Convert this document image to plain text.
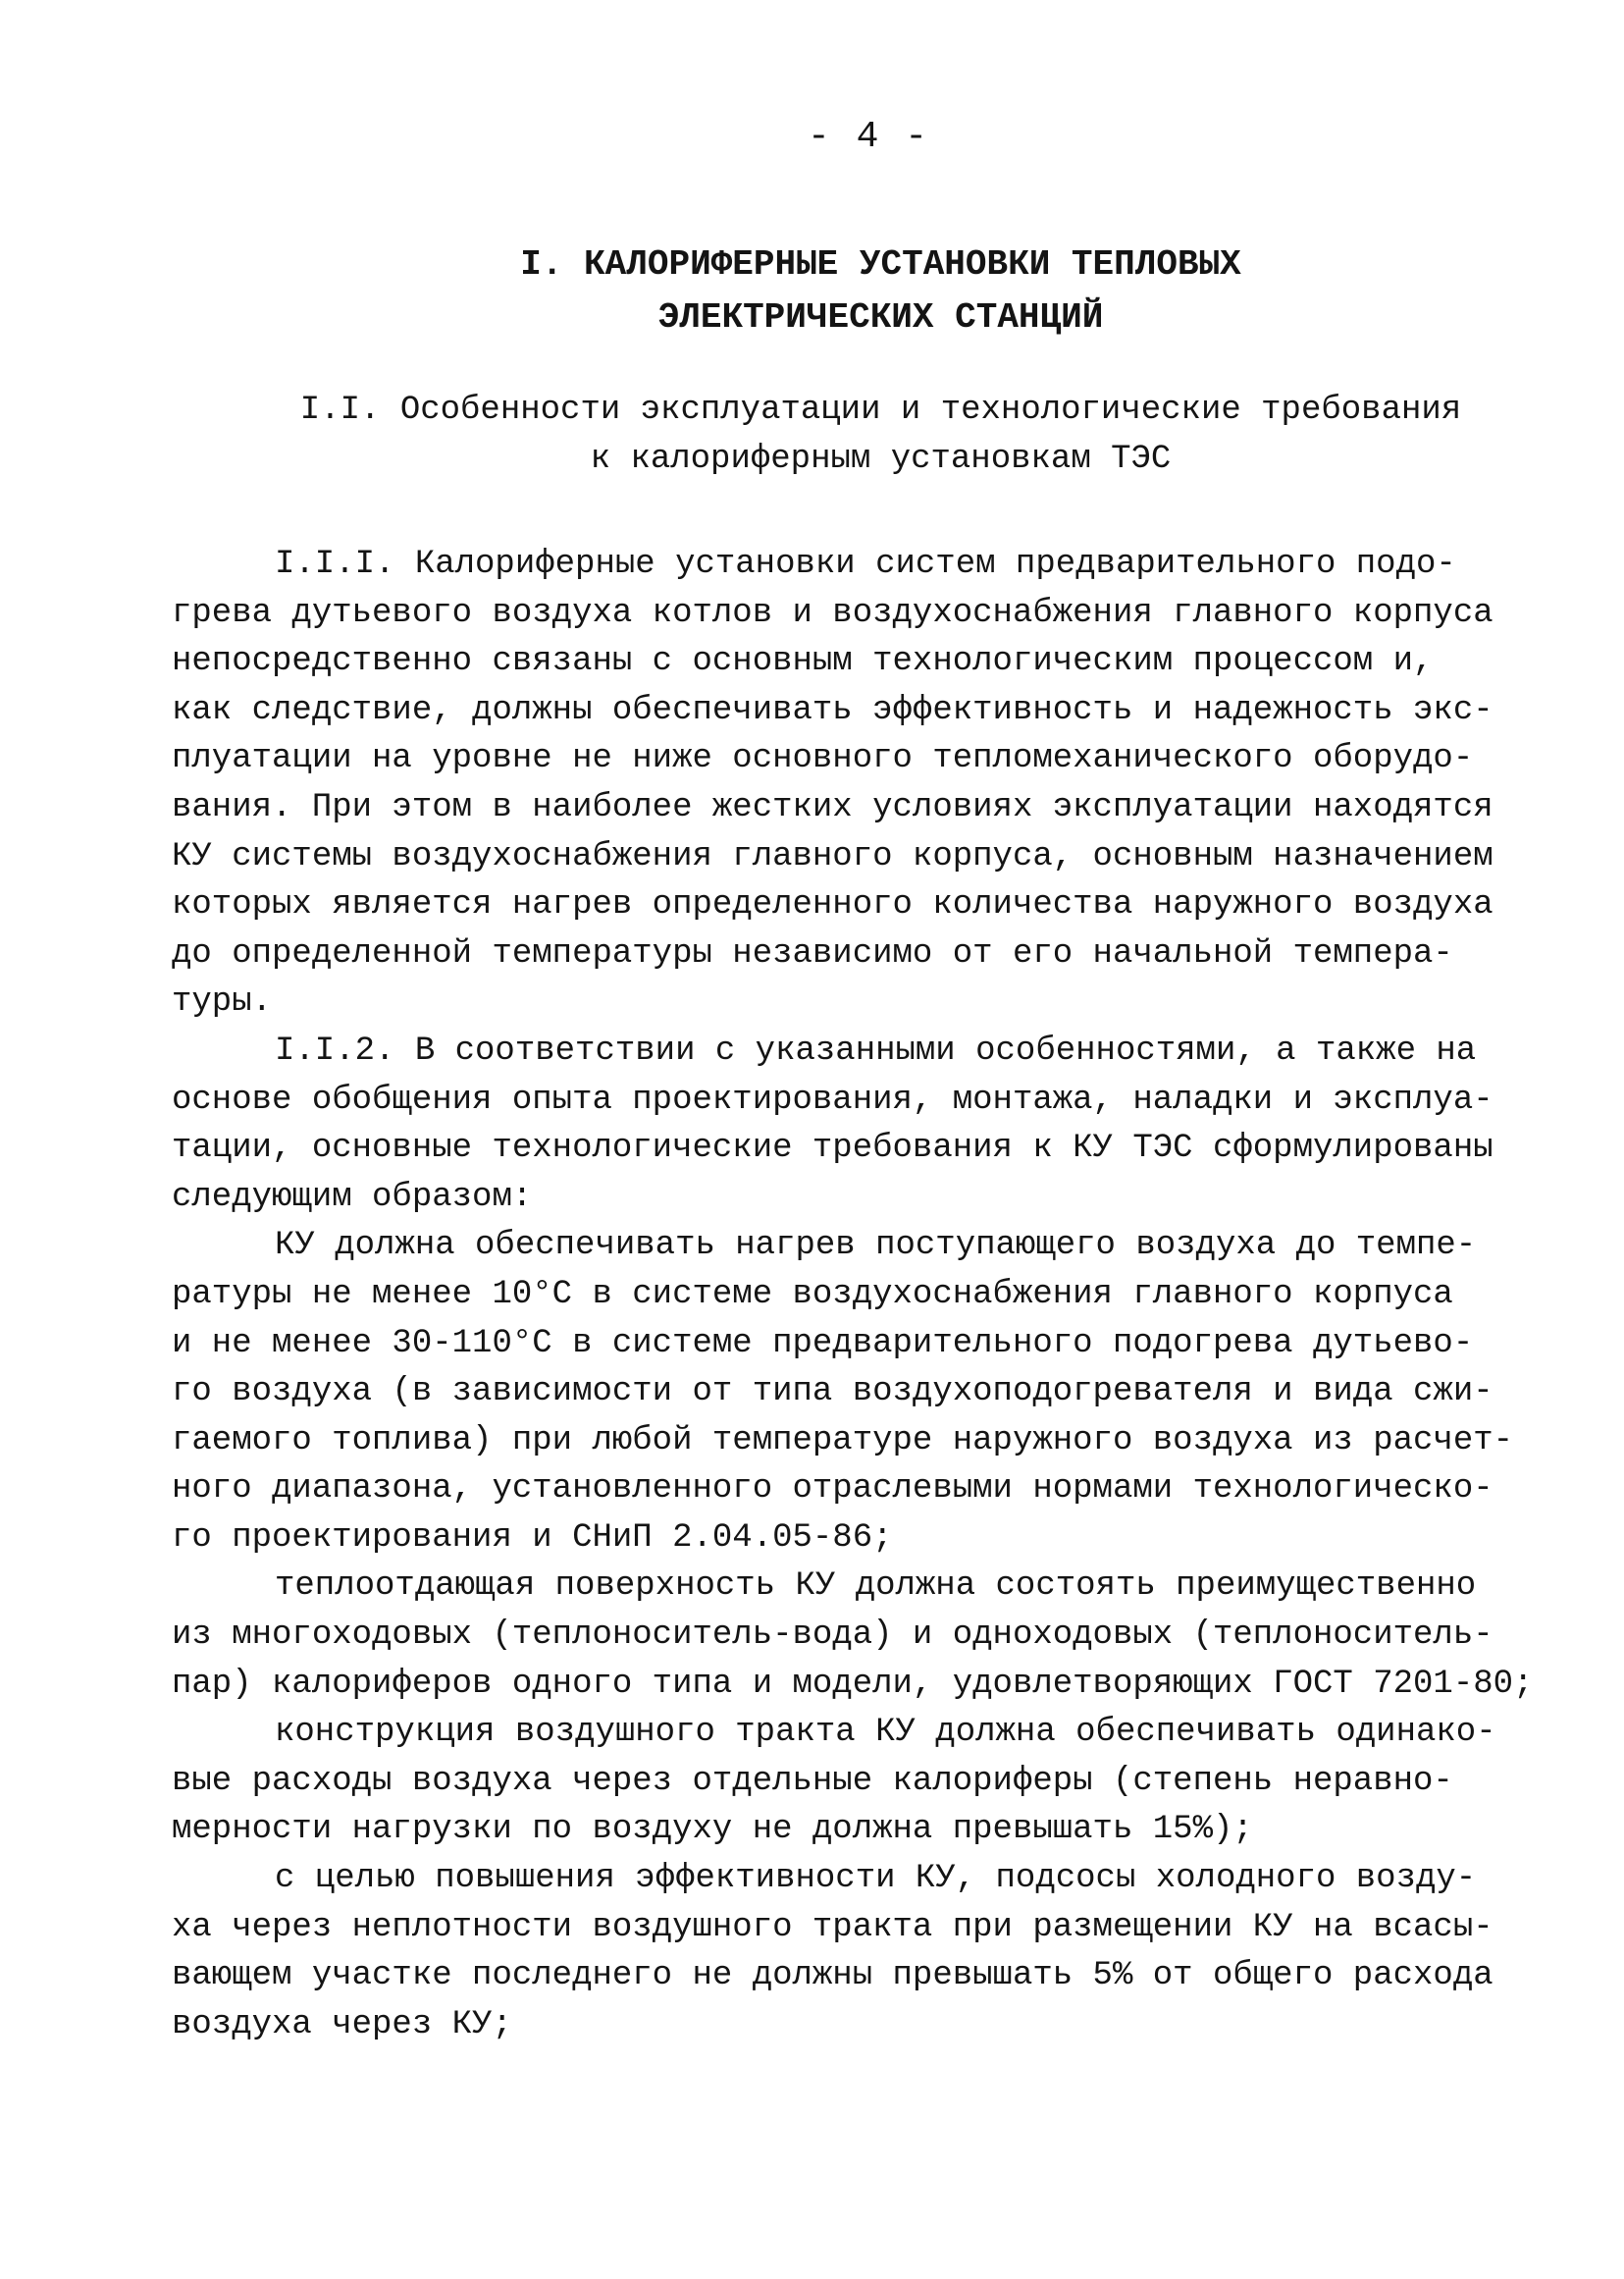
- 4 -
I. КАЛОРИФЕРНЫЕ УСТАНОВКИ ТЕПЛОВЫХ
ЭЛЕКТРИЧЕСКИХ СТАНЦИЙ
I.I. Особенности эксплуатации и технологические требования
к калориферным установкам ТЭС
I.I.I. Калориферные установки систем предварительного подо-
грева дутьевого воздуха котлов и воздухоснабжения главного корпуса
непосредственно связаны с основным технологическим процессом и,
как следствие, должны обеспечивать эффективность и надежность экс-
плуатации на уровне не ниже основного тепломеханического оборудо-
вания. При этом в наиболее жестких условиях эксплуатации находятся
КУ системы воздухоснабжения главного корпуса, основным назначением
которых является нагрев определенного количества наружного воздуха
до определенной температуры независимо от его начальной темпера-
туры.
I.I.2. В соответствии с указанными особенностями, а также на
основе обобщения опыта проектирования, монтажа, наладки и эксплуа-
тации, основные технологические требования к КУ ТЭС сформулированы
следующим образом:
КУ должна обеспечивать нагрев поступающего воздуха до темпе-
ратуры не менее 10°С в системе воздухоснабжения главного корпуса
и не менее 30-110°С в системе предварительного подогрева дутьево-
го воздуха (в зависимости от типа воздухоподогревателя и вида сжи-
гаемого топлива) при любой температуре наружного воздуха из расчет-
ного диапазона, установленного отраслевыми нормами технологическо-
го проектирования и СНиП 2.04.05-86;
теплоотдающая поверхность КУ должна состоять преимущественно
из многоходовых (теплоноситель-вода) и одноходовых (теплоноситель-
пар) калориферов одного типа и модели, удовлетворяющих ГОСТ 7201-80;
конструкция воздушного тракта КУ должна обеспечивать одинако-
вые расходы воздуха через отдельные калориферы (степень неравно-
мерности нагрузки по воздуху не должна превышать 15%);
с целью повышения эффективности КУ, подсосы холодного возду-
ха через неплотности воздушного тракта при размещении КУ на всасы-
вающем участке последнего не должны превышать 5% от общего расхода
воздуха через КУ;
